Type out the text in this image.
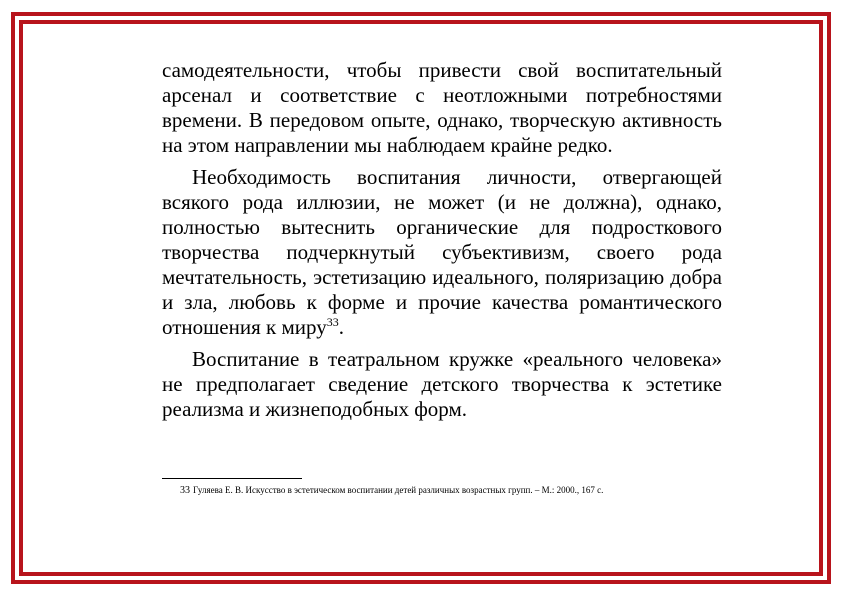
самодеятельности, чтобы привести свой воспитательный арсенал и соответствие с неотложными потребностями времени. В передовом опыте, однако, творческую активность на этом направлении мы наблюдаем крайне редко.

Необходимость воспитания личности, отвергающей всякого рода иллюзии, не может (и не должна), однако, полностью вытеснить органические для подросткового творчества подчеркнутый субъективизм, своего рода мечтательность, эстетизацию идеального, поляризацию добра и зла, любовь к форме и прочие качества романтического отношения к миру$^{33}$.

Воспитание в театральном кружке «реального человека» не предполагает сведение детского творчества к эстетике реализма и жизнеподобных форм.

33 Гуляева Е. В. Искусство в эстетическом воспитании детей различных возрастных групп. – М.: 2000., 167 с.
